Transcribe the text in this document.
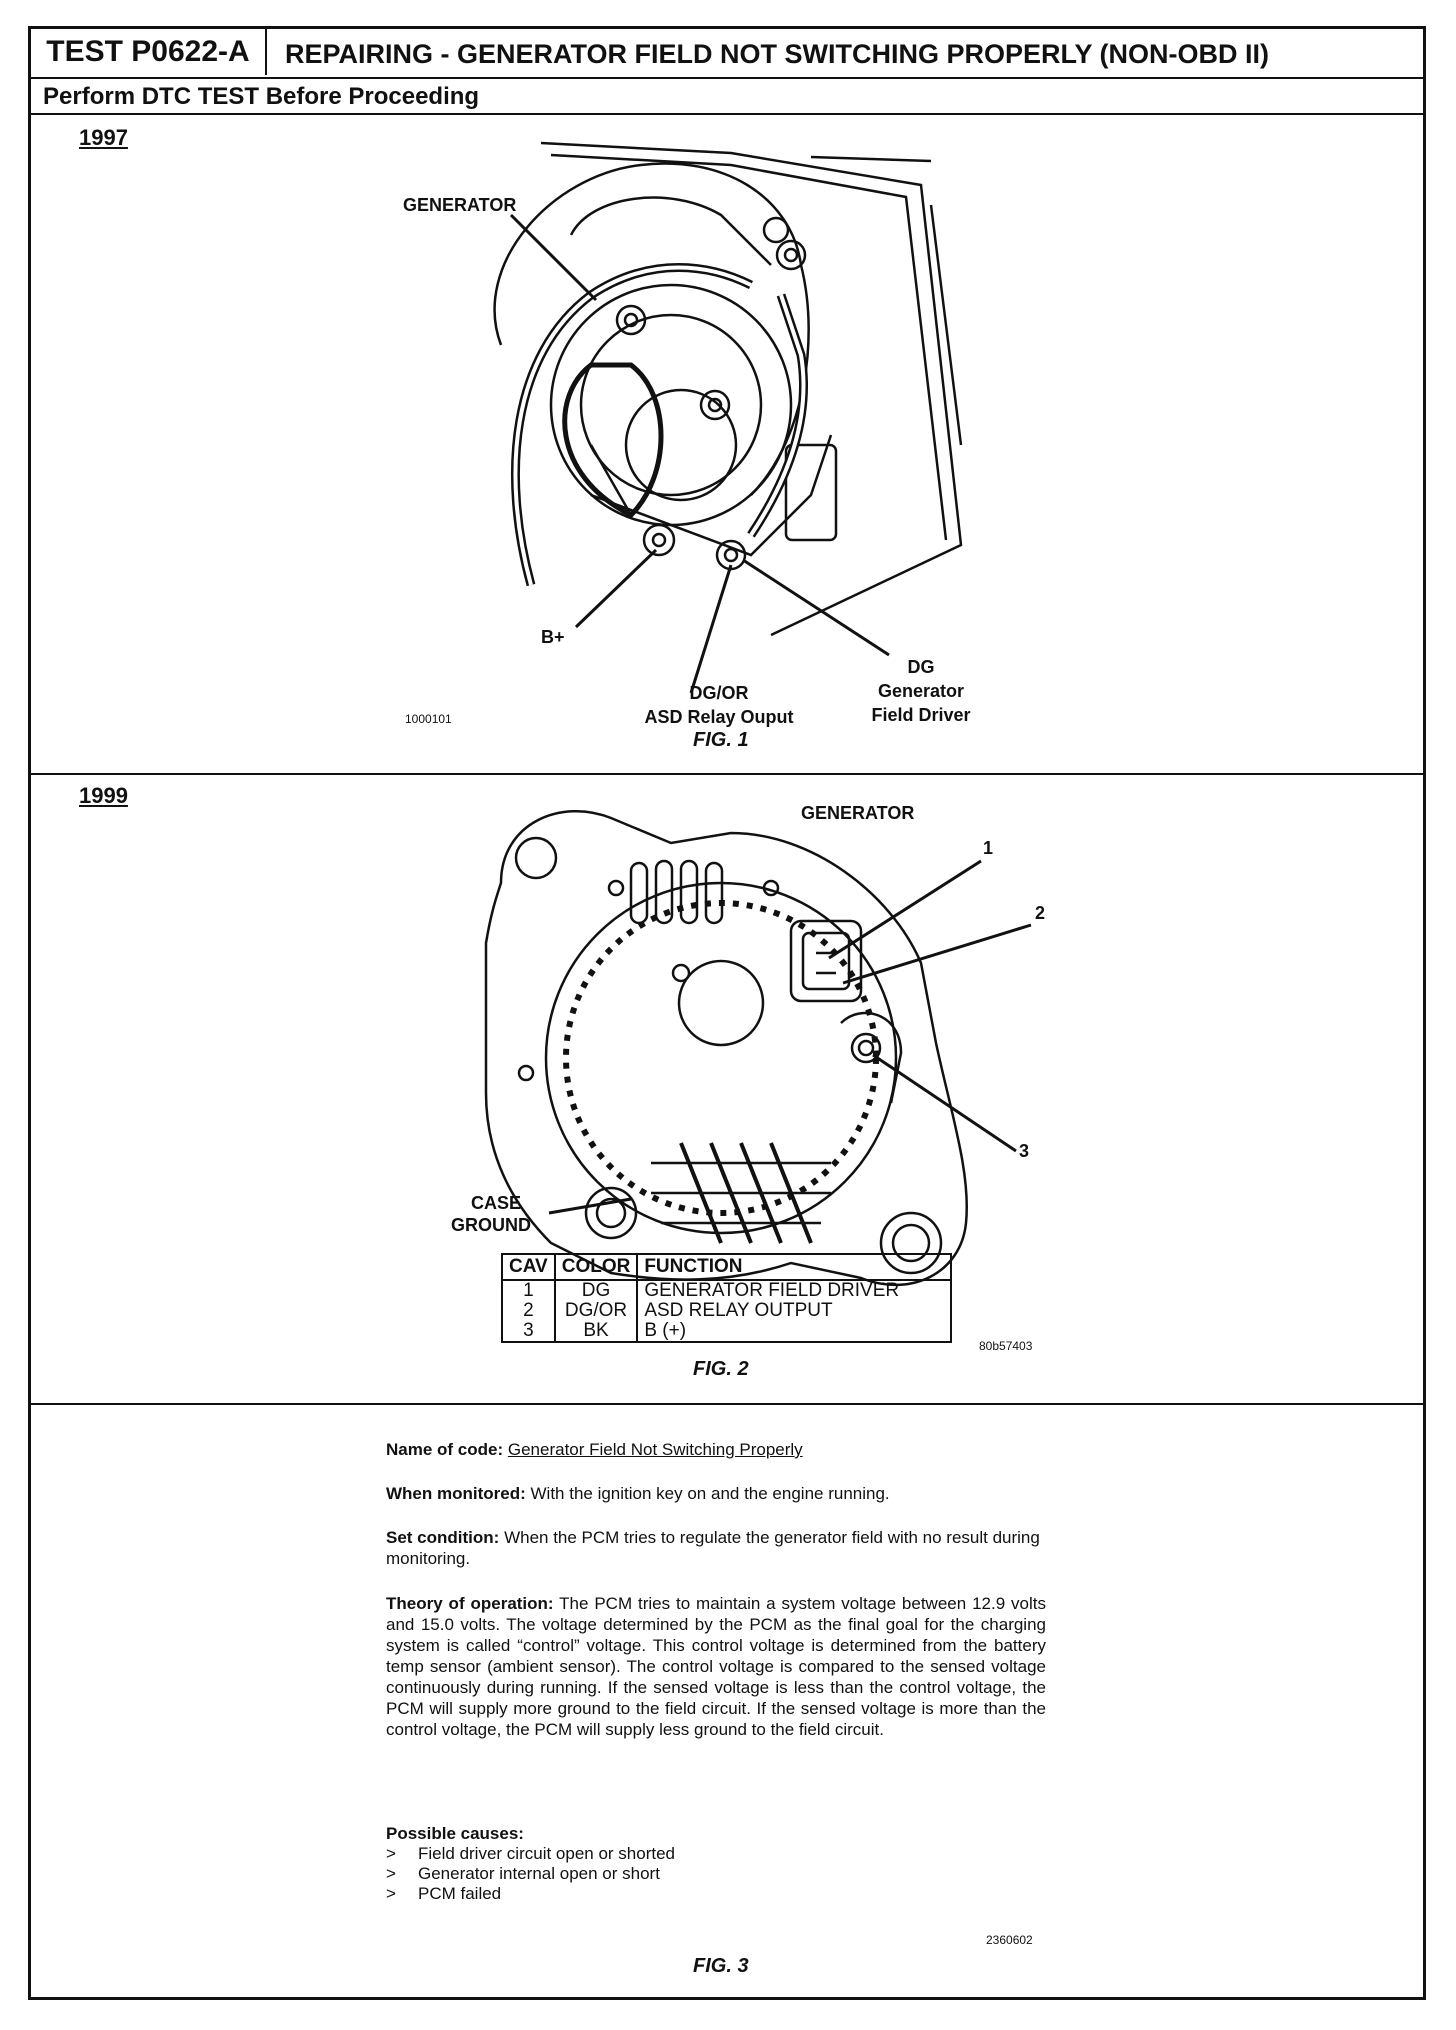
TEST P0622-A	REPAIRING - GENERATOR FIELD NOT SWITCHING PROPERLY (NON-OBD II)
Perform DTC TEST Before Proceeding
1997
GENERATOR
B+
DG/OR
ASD Relay Ouput
DG
Generator
Field Driver
1000101
FIG. 1
1999
GENERATOR
1
2
3
CASE
GROUND
CAV	COLOR	FUNCTION
1	DG	GENERATOR FIELD DRIVER
2	DG/OR	ASD RELAY OUTPUT
3	BK	B (+)
80b57403
FIG. 2
Name of code: Generator Field Not Switching Properly
When monitored: With the ignition key on and the engine running.
Set condition: When the PCM tries to regulate the generator field with no result during monitoring.
Theory of operation: The PCM tries to maintain a system voltage between 12.9 volts and 15.0 volts. The voltage determined by the PCM as the final goal for the charging system is called “control” voltage. This control voltage is determined from the battery temp sensor (ambient sensor). The control voltage is compared to the sensed voltage continuously during running. If the sensed voltage is less than the control voltage, the PCM will supply more ground to the field circuit. If the sensed voltage is more than the control voltage, the PCM will supply less ground to the field circuit.
Possible causes:
> Field driver circuit open or shorted
> Generator internal open or short
> PCM failed
2360602
FIG. 3
